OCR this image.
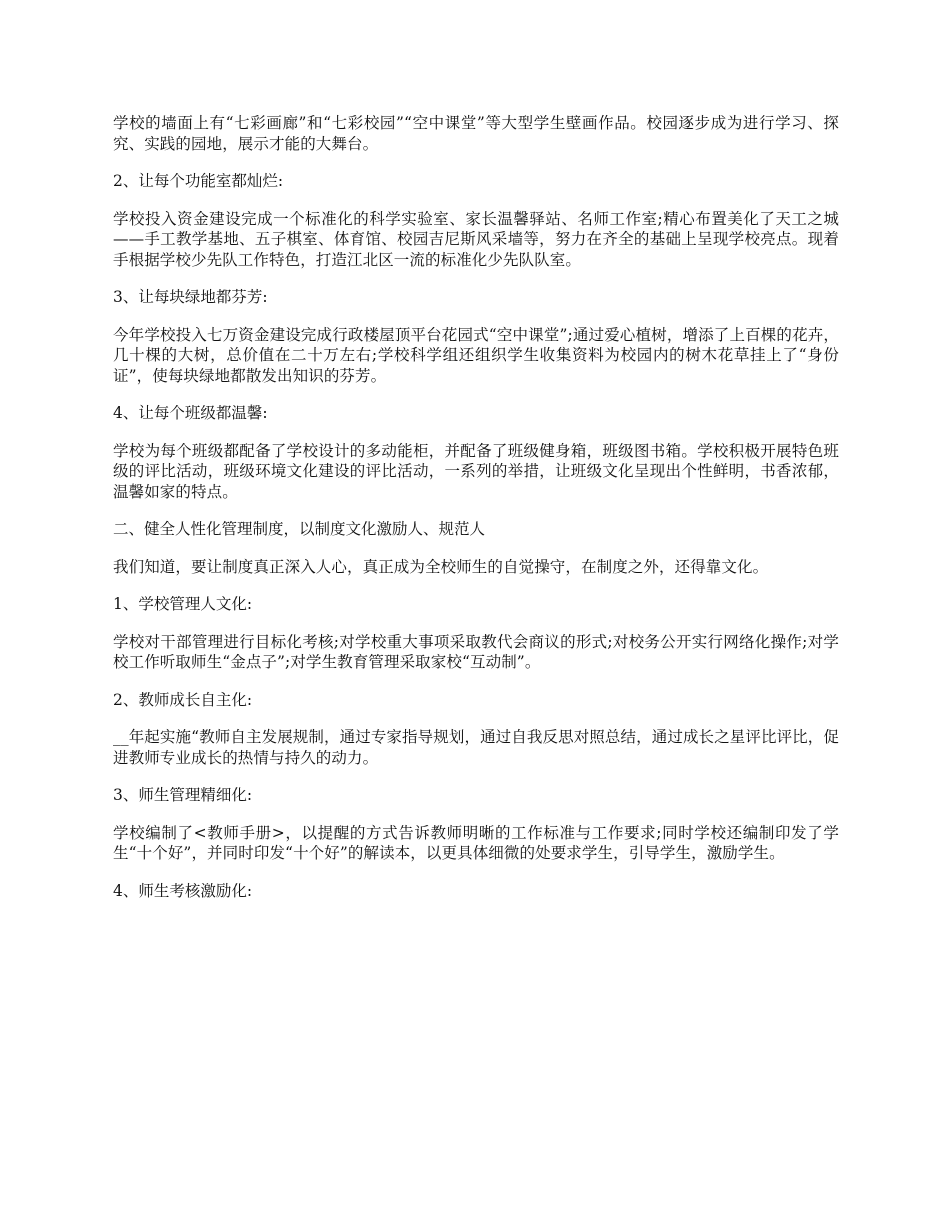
学校的墙面上有“七彩画廊”和“七彩校园”“空中课堂”等大型学生壁画作品。校园逐步成为进行学习、探究、实践的园地，展示才能的大舞台。

2、让每个功能室都灿烂:

学校投入资金建设完成一个标准化的科学实验室、家长温馨驿站、名师工作室;精心布置美化了天工之城——手工教学基地、五子棋室、体育馆、校园吉尼斯风采墙等，努力在齐全的基础上呈现学校亮点。现着手根据学校少先队工作特色，打造江北区一流的标准化少先队队室。

3、让每块绿地都芬芳:

今年学校投入七万资金建设完成行政楼屋顶平台花园式“空中课堂”;通过爱心植树，增添了上百棵的花卉，几十棵的大树，总价值在二十万左右;学校科学组还组织学生收集资料为校园内的树木花草挂上了“身份证”，使每块绿地都散发出知识的芬芳。

4、让每个班级都温馨:

学校为每个班级都配备了学校设计的多动能柜，并配备了班级健身箱，班级图书箱。学校积极开展特色班级的评比活动，班级环境文化建设的评比活动，一系列的举措，让班级文化呈现出个性鲜明，书香浓郁，温馨如家的特点。

二、健全人性化管理制度，以制度文化激励人、规范人

我们知道，要让制度真正深入人心，真正成为全校师生的自觉操守，在制度之外，还得靠文化。

1、学校管理人文化:

学校对干部管理进行目标化考核;对学校重大事项采取教代会商议的形式;对校务公开实行网络化操作;对学校工作听取师生“金点子”;对学生教育管理采取家校“互动制”。

2、教师成长自主化:

__年起实施“教师自主发展规制，通过专家指导规划，通过自我反思对照总结，通过成长之星评比评比，促进教师专业成长的热情与持久的动力。

3、师生管理精细化:

学校编制了<教师手册>，以提醒的方式告诉教师明晰的工作标准与工作要求;同时学校还编制印发了学生“十个好”，并同时印发“十个好”的解读本，以更具体细微的处要求学生，引导学生，激励学生。

4、师生考核激励化:
